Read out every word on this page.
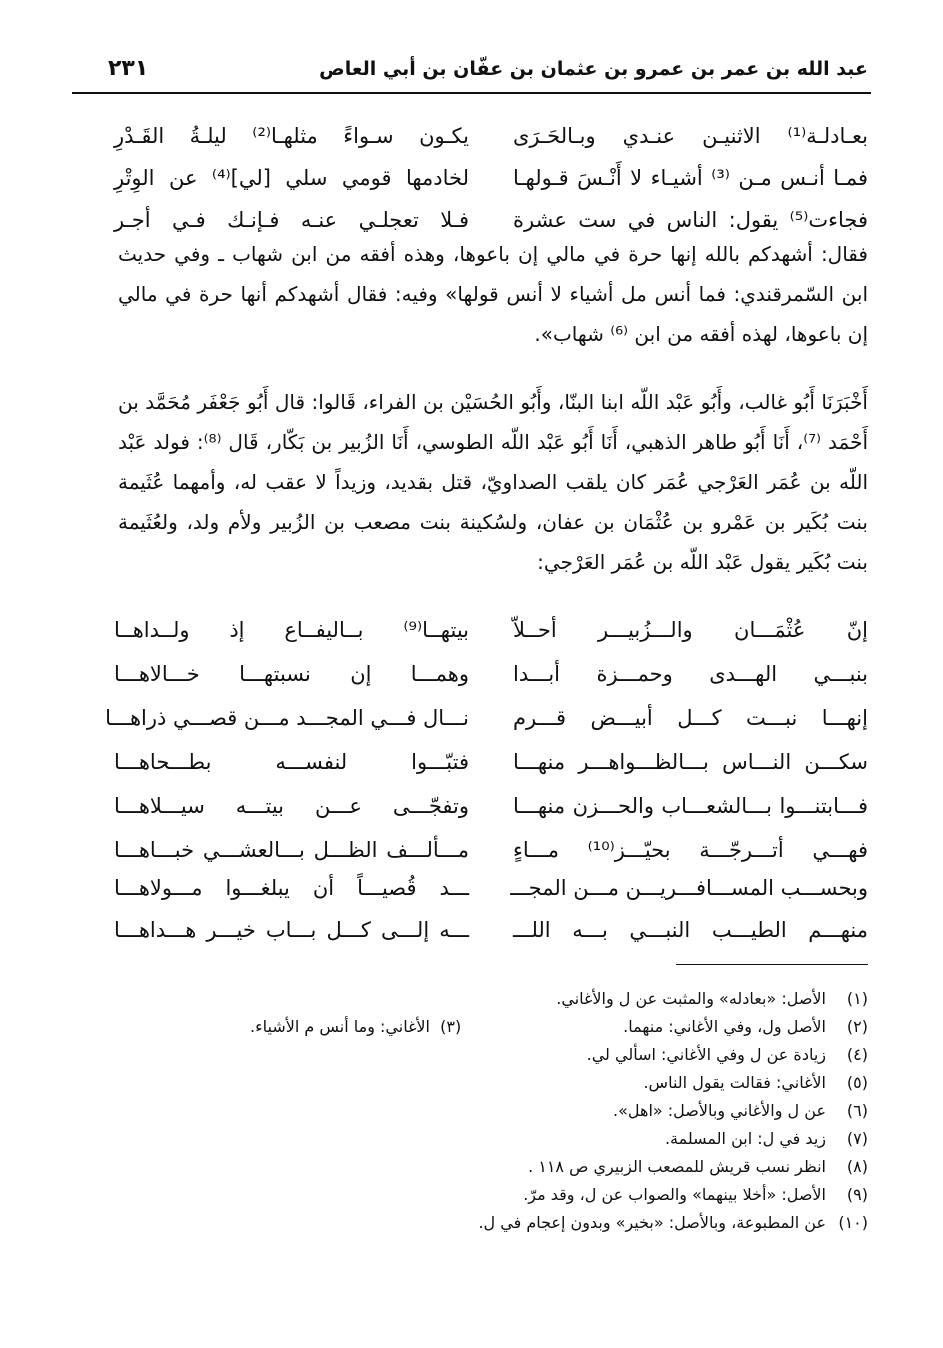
عبد الله بن عمر بن عمرو بن عثمان بن عفّان بن أبي العاص
٢٣١
بعـادلـة⁽¹⁾ الاثنيـن عنـدي وبـالحَـرَى
يكـون سـواءً مثلهـا⁽²⁾ ليلـةُ القَـدْرِ
فمـا أنـس مـن ⁽³⁾ أشيـاء لا أَنْـسَ قـولهـا
لخادمها قومي سلي [لي]⁽⁴⁾ عن الوِتْرِ
فجاءت⁽⁵⁾ يقول: الناس في ست عشرة
فـلا تعجلـي عنـه فـإنـك فـي أجـر

فقال: أشهدكم بالله إنها حرة في مالي إن باعوها، وهذه أفقه من ابن شهاب ـ وفي حديث ابن السّمرقندي: فما أنس مل أشياء لا أنس قولها» وفيه: فقال أشهدكم أنها حرة في مالي إن باعوها، لهذه أفقه من ابن ⁽⁶⁾ شهاب».

أَخْبَرَنَا أَبُو غالب، وأَبُو عَبْد اللّه ابنا البنّا، وأَبُو الحُسَيْن بن الفراء، قَالوا: قال أَبُو جَعْفَر مُحَمَّد بن أَحْمَد ⁽⁷⁾، أَنَا أَبُو طاهر الذهبي، أَنَا أَبُو عَبْد اللّه الطوسي، أَنَا الزُبير بن بَكّار، قَال ⁽⁸⁾: فولد عَبْد اللّه بن عُمَر العَرْجي عُمَر كان يلقب الصداويّ، قتل بقديد، وزيداً لا عقب له، وأمهما عُثَيمة بنت بُكَير بن عَمْرو بن عُثْمَان بن عفان، ولسُكينة بنت مصعب بن الزُبير ولأم ولد، ولعُثَيمة بنت بُكَير يقول عَبْد اللّه بن عُمَر العَرْجي:

إنّ عُثْمَـــان والـــزُبيـــر أحــلاّ
بيتهــا⁽⁹⁾ بــاليفــاع إذ ولــداهــا
بنبـــي الهـــدى وحمـــزة أبـــدا
وهمـــا إن نسبتهـــا خـــالاهـــا
إنهـــا نبـــت كـــل أبيـــض قـــرم
نـــال فـــي المجـــد مـــن قصـــي ذراهـــا
سكـــن النـــاس بـــالظـــواهـــر منهـــا
فتبّـــوا لنفســـه بطـــحاهـــا
فـــابتنـــوا بـــالشعـــاب والحـــزن منهـــا
وتفجّـــى عـــن بيتـــه سيـــلاهـــا
فهـــي أتـــرجّـــة بحيّـــز⁽¹⁰⁾ مـــاءٍ
مـــألـــف الظـــل بـــالعشـــي خبـــاهـــا
وبحســـب المســـافـــريـــن مـــن المجـــ
ـــد قُصيـــاً أن يبلغـــوا مـــولاهـــا
منهـــم الطيـــب النبـــي بـــه اللـــ
ـــه إلـــى كـــل بـــاب خيـــر هـــداهـــا
(١)الأصل: «بعادله» والمثبت عن ل والأغاني.
(٢)الأصل ول، وفي الأغاني: منهما.
(٤)زيادة عن ل وفي الأغاني: اسألي لي.
(٥)الأغاني: فقالت يقول الناس.
(٦)عن ل والأغاني وبالأصل: «اهل».
(٧)زيد في ل: ابن المسلمة.
(٨)انظر نسب قريش للمصعب الزبيري ص ١١٨ .
(٩)الأصل: «أخلا بينهما» والصواب عن ل، وقد مرّ.
(١٠)عن المطبوعة، وبالأصل: «بخير» وبدون إعجام في ل.
(٣)  الأغاني: وما أنس م الأشياء.
